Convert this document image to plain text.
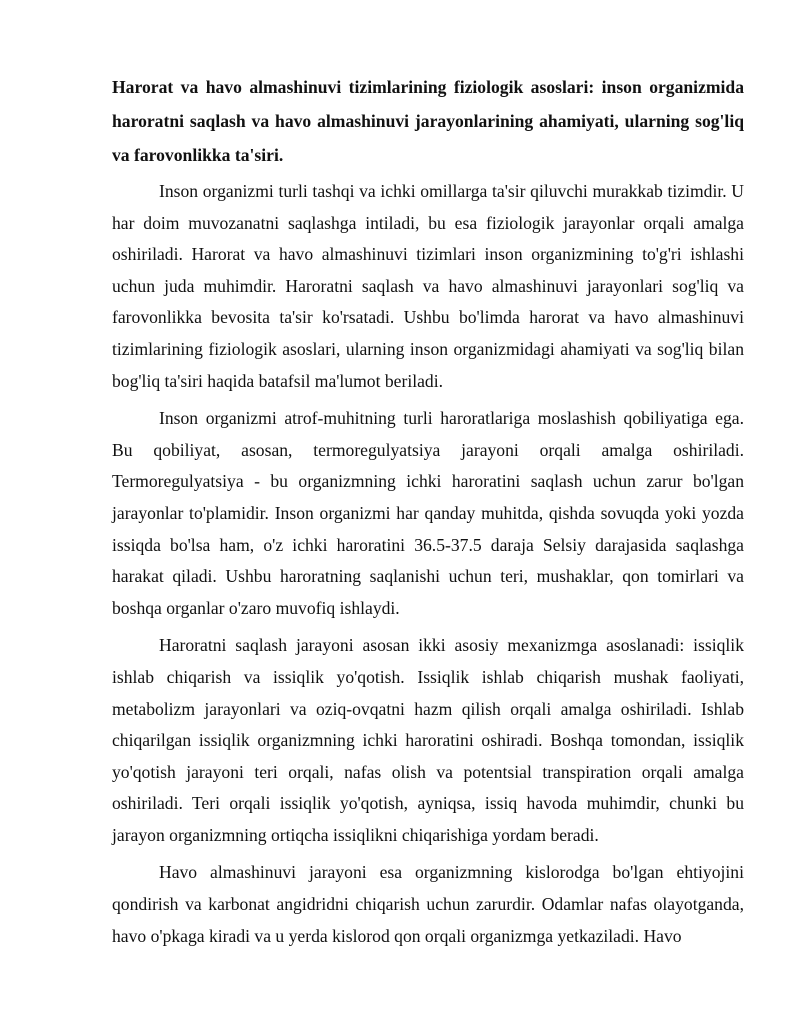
Harorat va havo almashinuvi tizimlarining fiziologik asoslari: inson organizmida haroratni saqlash va havo almashinuvi jarayonlarining ahamiyati, ularning sog'liq va farovonlikka ta'siri.

Inson organizmi turli tashqi va ichki omillarga ta'sir qiluvchi murakkab tizimdir. U har doim muvozanatni saqlashga intiladi, bu esa fiziologik jarayonlar orqali amalga oshiriladi. Harorat va havo almashinuvi tizimlari inson organizmining to'g'ri ishlashi uchun juda muhimdir. Haroratni saqlash va havo almashinuvi jarayonlari sog'liq va farovonlikka bevosita ta'sir ko'rsatadi. Ushbu bo'limda harorat va havo almashinuvi tizimlarining fiziologik asoslari, ularning inson organizmidagi ahamiyati va sog'liq bilan bog'liq ta'siri haqida batafsil ma'lumot beriladi.

Inson organizmi atrof-muhitning turli haroratlariga moslashish qobiliyatiga ega. Bu qobiliyat, asosan, termoregulyatsiya jarayoni orqali amalga oshiriladi. Termoregulyatsiya - bu organizmning ichki haroratini saqlash uchun zarur bo'lgan jarayonlar to'plamidir. Inson organizmi har qanday muhitda, qishda sovuqda yoki yozda issiqda bo'lsa ham, o'z ichki haroratini 36.5-37.5 daraja Selsiy darajasida saqlashga harakat qiladi. Ushbu haroratning saqlanishi uchun teri, mushaklar, qon tomirlari va boshqa organlar o'zaro muvofiq ishlaydi.

Haroratni saqlash jarayoni asosan ikki asosiy mexanizmga asoslanadi: issiqlik ishlab chiqarish va issiqlik yo'qotish. Issiqlik ishlab chiqarish mushak faoliyati, metabolizm jarayonlari va oziq-ovqatni hazm qilish orqali amalga oshiriladi. Ishlab chiqarilgan issiqlik organizmning ichki haroratini oshiradi. Boshqa tomondan, issiqlik yo'qotish jarayoni teri orqali, nafas olish va potentsial transpiration orqali amalga oshiriladi. Teri orqali issiqlik yo'qotish, ayniqsa, issiq havoda muhimdir, chunki bu jarayon organizmning ortiqcha issiqlikni chiqarishiga yordam beradi.

Havo almashinuvi jarayoni esa organizmning kislorodga bo'lgan ehtiyojini qondirish va karbonat angidridni chiqarish uchun zarurdir. Odamlar nafas olayotganda, havo o'pkaga kiradi va u yerda kislorod qon orqali organizmga yetkaziladi. Havo
